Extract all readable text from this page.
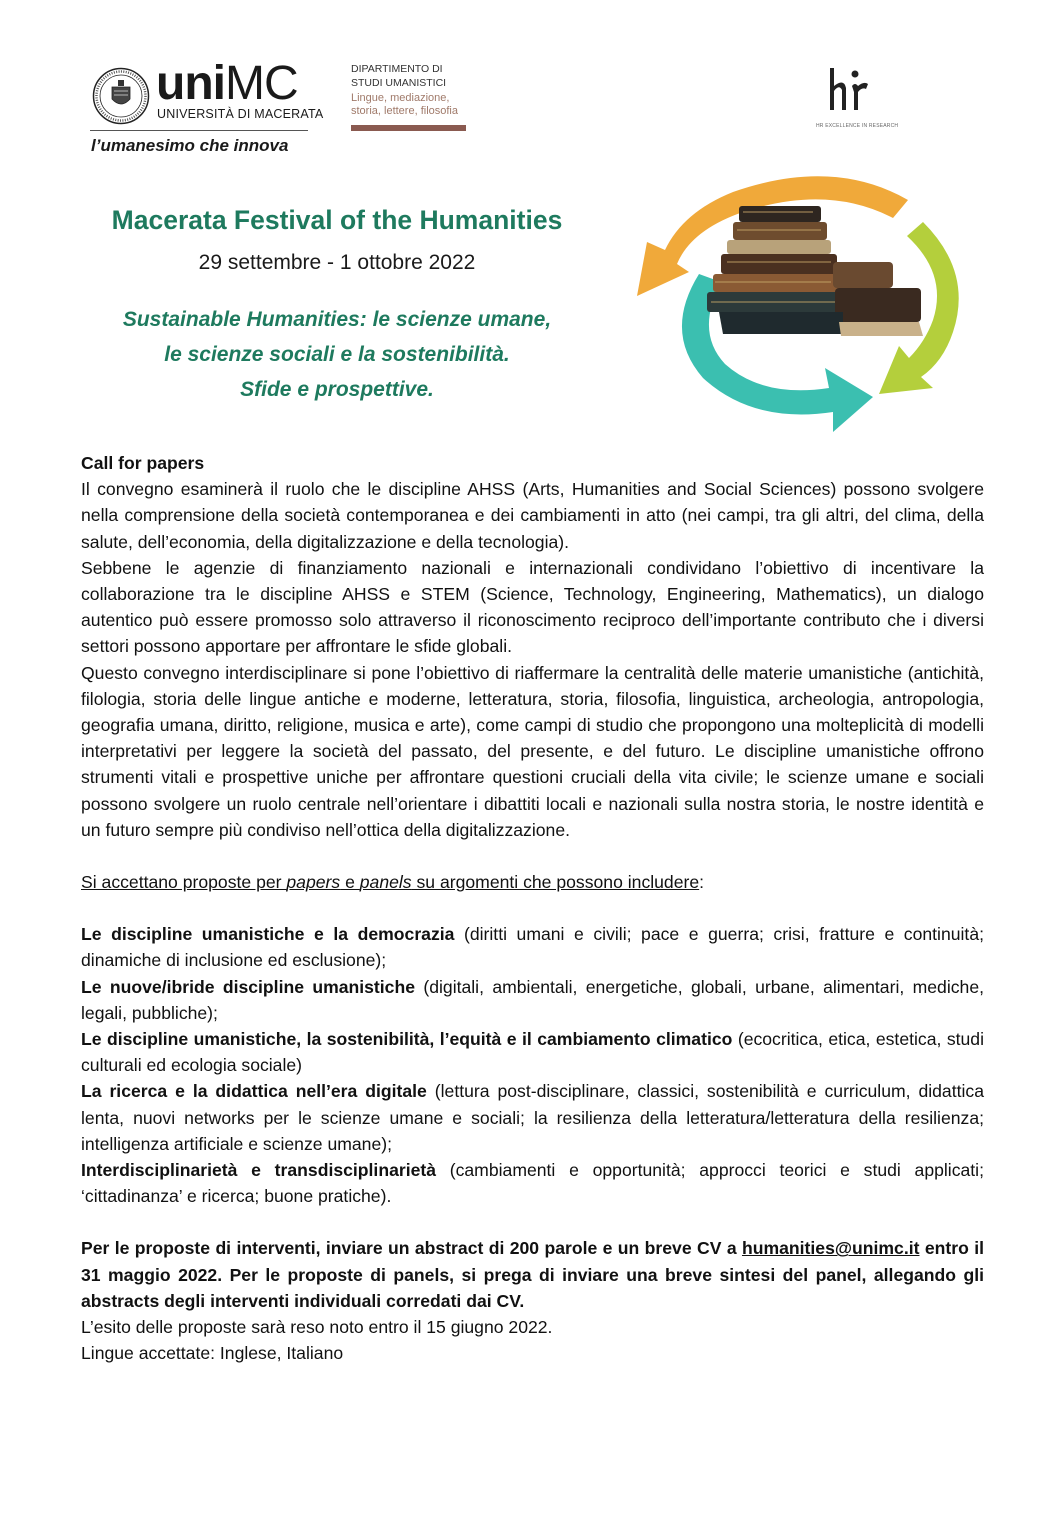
uniMC
UNIVERSITÀ DI MACERATA
l’umanesimo che innova
DIPARTIMENTO DI
STUDI UMANISTICI
Lingue, mediazione,
storia, lettere, filosofia
HR EXCELLENCE IN RESEARCH
Macerata Festival of the Humanities
29 settembre - 1 ottobre 2022
Sustainable Humanities: le scienze umane,
le scienze sociali e la sostenibilità.
Sfide e prospettive.

Call for papers

Il convegno esaminerà il ruolo che le discipline AHSS (Arts, Humanities and Social Sciences) possono svolgere nella comprensione della società contemporanea e dei cambiamenti in atto (nei campi, tra gli altri, del clima, della salute, dell’economia, della digitalizzazione e della tecnologia).

Sebbene le agenzie di finanziamento nazionali e internazionali condividano l’obiettivo di incentivare la collaborazione tra le discipline AHSS e STEM (Science, Technology, Engineering, Mathematics), un dialogo autentico può essere promosso solo attraverso il riconoscimento reciproco dell’importante contributo che i diversi settori possono apportare per affrontare le sfide globali.

Questo convegno interdisciplinare si pone l’obiettivo di riaffermare la centralità delle materie umanistiche (antichità, filologia, storia delle lingue antiche e moderne, letteratura, storia, filosofia, linguistica, archeologia, antropologia, geografia umana, diritto, religione, musica e arte), come campi di studio che propongono una molteplicità di modelli interpretativi per leggere la società del passato, del presente, e del futuro. Le discipline umanistiche offrono strumenti vitali e prospettive uniche per affrontare questioni cruciali della vita civile; le scienze umane e sociali possono svolgere un ruolo centrale nell’orientare i dibattiti locali e nazionali sulla nostra storia, le nostre identità e un futuro sempre più condiviso nell’ottica della digitalizzazione.

Si accettano proposte per papers e panels su argomenti che possono includere:

Le discipline umanistiche e la democrazia (diritti umani e civili; pace e guerra; crisi, fratture e continuità; dinamiche di inclusione ed esclusione);

Le nuove/ibride discipline umanistiche (digitali, ambientali, energetiche, globali, urbane, alimentari, mediche, legali, pubbliche);

Le discipline umanistiche, la sostenibilità, l’equità e il cambiamento climatico (ecocritica, etica, estetica, studi culturali ed ecologia sociale)

La ricerca e la didattica nell’era digitale (lettura post-disciplinare, classici, sostenibilità e curriculum, didattica lenta, nuovi networks per le scienze umane e sociali; la resilienza della letteratura/letteratura della resilienza; intelligenza artificiale e scienze umane);

Interdisciplinarietà e transdisciplinarietà (cambiamenti e opportunità; approcci teorici e studi applicati; ‘cittadinanza’ e ricerca; buone pratiche).

Per le proposte di interventi, inviare un abstract di 200 parole e un breve CV a humanities@unimc.it entro il 31 maggio 2022. Per le proposte di panels, si prega di inviare una breve sintesi del panel, allegando gli abstracts degli interventi individuali corredati dai CV.

L’esito delle proposte sarà reso noto entro il 15 giugno 2022.

Lingue accettate: Inglese, Italiano
